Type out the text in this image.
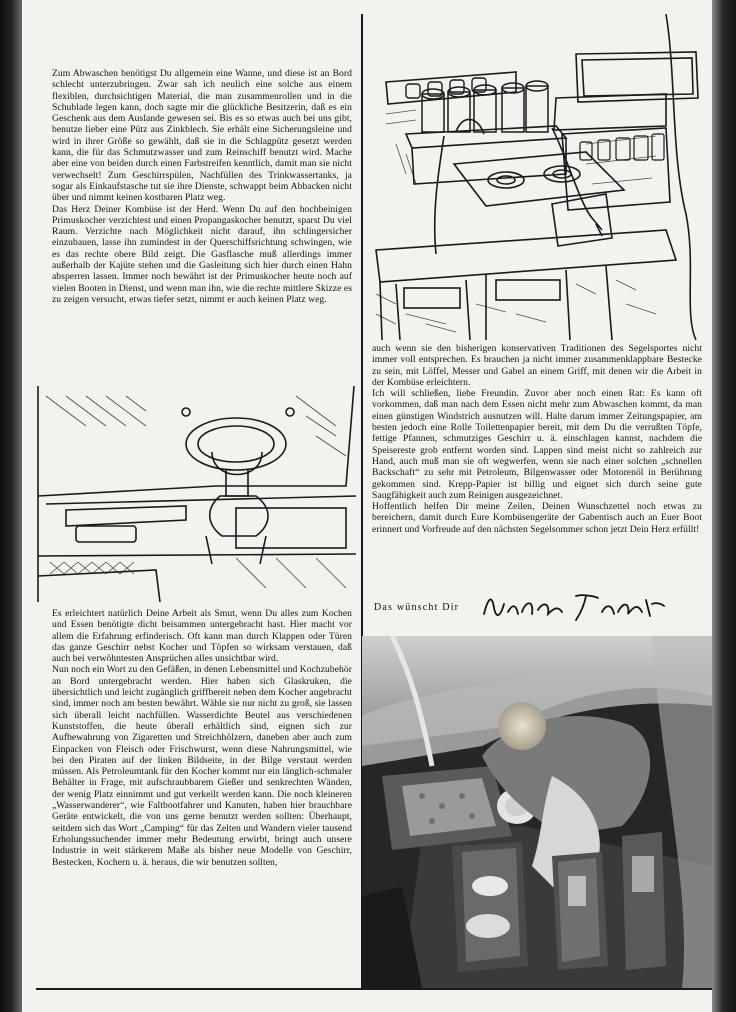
Zum Abwaschen benötigst Du allgemein eine Wanne, und diese ist an Bord schlecht unterzubringen. Zwar sah ich neulich eine solche aus einem flexiblen, durchsichtigen Material, die man zusammenrollen und in die Schublade legen kann, doch sagte mir die glückliche Besitzerin, daß es ein Geschenk aus dem Auslande gewesen sei. Bis es so etwas auch bei uns gibt, benutze lieber eine Pütz aus Zinkblech. Sie erhält eine Sicherungsleine und wird in ihrer Größe so gewählt, daß sie in die Schlagpütz gesetzt werden kann, die für das Schmutzwasser und zum Reinschiff benutzt wird. Mache aber eine von beiden durch einen Farbstreifen kenntlich, damit man sie nicht verwechselt! Zum Geschirrspülen, Nachfüllen des Trinkwassertanks, ja sogar als Einkaufstasche tut sie ihre Dienste, schwappt beim Abbacken nicht über und nimmt keinen kostbaren Platz weg.

Das Herz Deiner Kombüse ist der Herd. Wenn Du auf den hochbeinigen Primuskocher verzichtest und einen Propangaskocher benutzt, sparst Du viel Raum. Verzichte nach Möglichkeit nicht darauf, ihn schlingersicher einzubauen, lasse ihn zumindest in der Querschiffsrichtung schwingen, wie es das rechte obere Bild zeigt. Die Gasflasche muß allerdings immer außerhalb der Kajüte stehen und die Gasleitung sich hier durch einen Hahn absperren lassen. Immer noch bewährt ist der Primuskocher heute noch auf vielen Booten in Dienst, und wenn man ihn, wie die rechte mittlere Skizze es zu zeigen versucht, etwas tiefer setzt, nimmt er auch keinen Platz weg.

auch wenn sie den bisherigen konservativen Traditionen des Segelsportes nicht immer voll entsprechen. Es brauchen ja nicht immer zusammenklappbare Bestecke zu sein, mit Löffel, Messer und Gabel an einem Griff, mit denen wir die Arbeit in der Kombüse erleichtern.

Ich will schließen, liebe Freundin. Zuvor aber noch einen Rat: Es kann oft vorkommen, daß man nach dem Essen nicht mehr zum Abwaschen kommt, da man einen günstigen Windstrich ausnutzen will. Halte darum immer Zeitungspapier, am besten jedoch eine Rolle Toilettenpapier bereit, mit dem Du die verrußten Töpfe, fettige Pfannen, schmutziges Geschirr u. ä. einschlagen kannst, nachdem die Speisereste grob entfernt worden sind. Lappen sind meist nicht so zahlreich zur Hand, auch muß man sie oft wegwerfen, wenn sie nach einer solchen „schnellen Backschaft“ zu sehr mit Petroleum, Bilgenwasser oder Motorenöl in Berührung gekommen sind. Krepp-Papier ist billig und eignet sich durch seine gute Saugfähigkeit auch zum Reinigen ausgezeichnet.

Hoffentlich helfen Dir meine Zeilen, Deinen Wunschzettel noch etwas zu bereichern, damit durch Eure Kombüsengeräte der Gabentisch auch an Euer Boot erinnert und Vorfreude auf den nächsten Segelsommer schon jetzt Dein Herz erfüllt!

Das wünscht Dir

Es erleichtert natürlich Deine Arbeit als Smut, wenn Du alles zum Kochen und Essen benötigte dicht beisammen untergebracht hast. Hier macht vor allem die Erfahrung erfinderisch. Oft kann man durch Klappen oder Türen das ganze Geschirr nebst Kocher und Töpfen so wirksam verstauen, daß auch bei verwöhntesten Ansprüchen alles unsichtbar wird.

Nun noch ein Wort zu den Gefäßen, in denen Lebensmittel und Kochzubehör an Bord untergebracht werden. Hier haben sich Glaskruken, die übersichtlich und leicht zugänglich griffbereit neben dem Kocher angebracht sind, immer noch am besten bewährt. Wähle sie nur nicht zu groß, sie lassen sich überall leicht nachfüllen. Wasserdichte Beutel aus verschiedenen Kunststoffen, die heute überall erhältlich sind, eignen sich zur Aufbewahrung von Zigaretten und Streichhölzern, daneben aber auch zum Einpacken von Fleisch oder Frischwurst, wenn diese Nahrungsmittel, wie bei den Piraten auf der linken Bildseite, in der Bilge verstaut werden müssen. Als Petroleumtank für den Kocher kommt nur ein länglich-schmaler Behälter in Frage, mit aufschraubbarem Gießer und senkrechten Wänden, der wenig Platz einnimmt und gut verkeilt werden kann. Die noch kleineren „Wasserwanderer“, wie Faltbootfahrer und Kanuten, haben hier brauchbare Geräte entwickelt, die von uns gerne benutzt werden sollten: Überhaupt, seitdem sich das Wort „Camping“ für das Zelten und Wandern vieler tausend Erholungssuchender immer mehr Bedeutung erwirbt, bringt auch unsere Industrie in weit stärkerem Maße als bisher neue Modelle von Geschirr, Bestecken, Kochern u. ä. heraus, die wir benutzen sollten,
